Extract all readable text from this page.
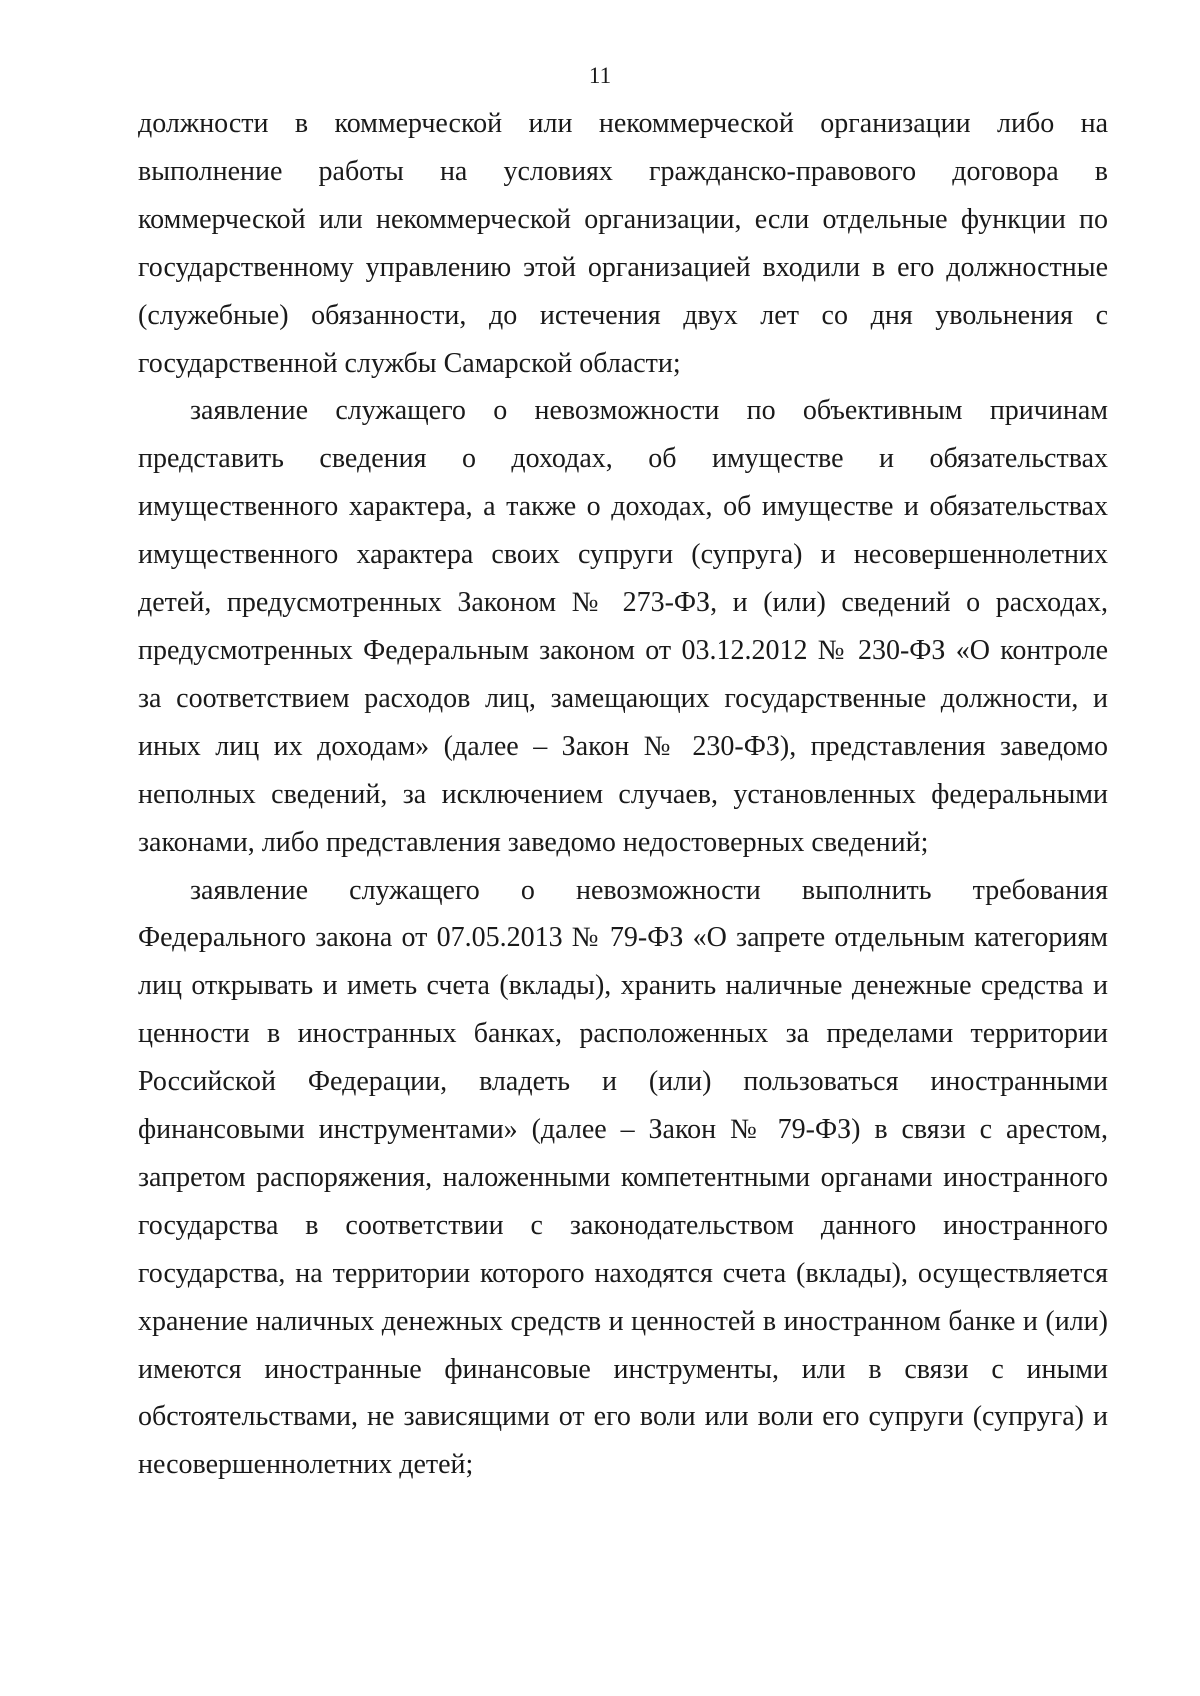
11

должности в коммерческой или некоммерческой организации либо на выполнение работы на условиях гражданско-правового договора в коммерческой или некоммерческой организации, если отдельные функции по государственному управлению этой организацией входили в его должностные (служебные) обязанности, до истечения двух лет со дня увольнения с государственной службы Самарской области;

заявление служащего о невозможности по объективным причинам представить сведения о доходах, об имуществе и обязательствах имущественного характера, а также о доходах, об имуществе и обязательствах имущественного характера своих супруги (супруга) и несовершеннолетних детей, предусмотренных Законом № 273-ФЗ, и (или) сведений о расходах, предусмотренных Федеральным законом от 03.12.2012 № 230-ФЗ «О контроле за соответствием расходов лиц, замещающих государственные должности, и иных лиц их доходам» (далее – Закон № 230-ФЗ), представления заведомо неполных сведений, за исключением случаев, установленных федеральными законами, либо представления заведомо недостоверных сведений;

заявление служащего о невозможности выполнить требования Федерального закона от 07.05.2013 № 79-ФЗ «О запрете отдельным категориям лиц открывать и иметь счета (вклады), хранить наличные денежные средства и ценности в иностранных банках, расположенных за пределами территории Российской Федерации, владеть и (или) пользоваться иностранными финансовыми инструментами» (далее – Закон № 79-ФЗ) в связи с арестом, запретом распоряжения, наложенными компетентными органами иностранного государства в соответствии с законодательством данного иностранного государства, на территории которого находятся счета (вклады), осуществляется хранение наличных денежных средств и ценностей в иностранном банке и (или) имеются иностранные финансовые инструменты, или в связи с иными обстоятельствами, не зависящими от его воли или воли его супруги (супруга) и несовершеннолетних детей;
